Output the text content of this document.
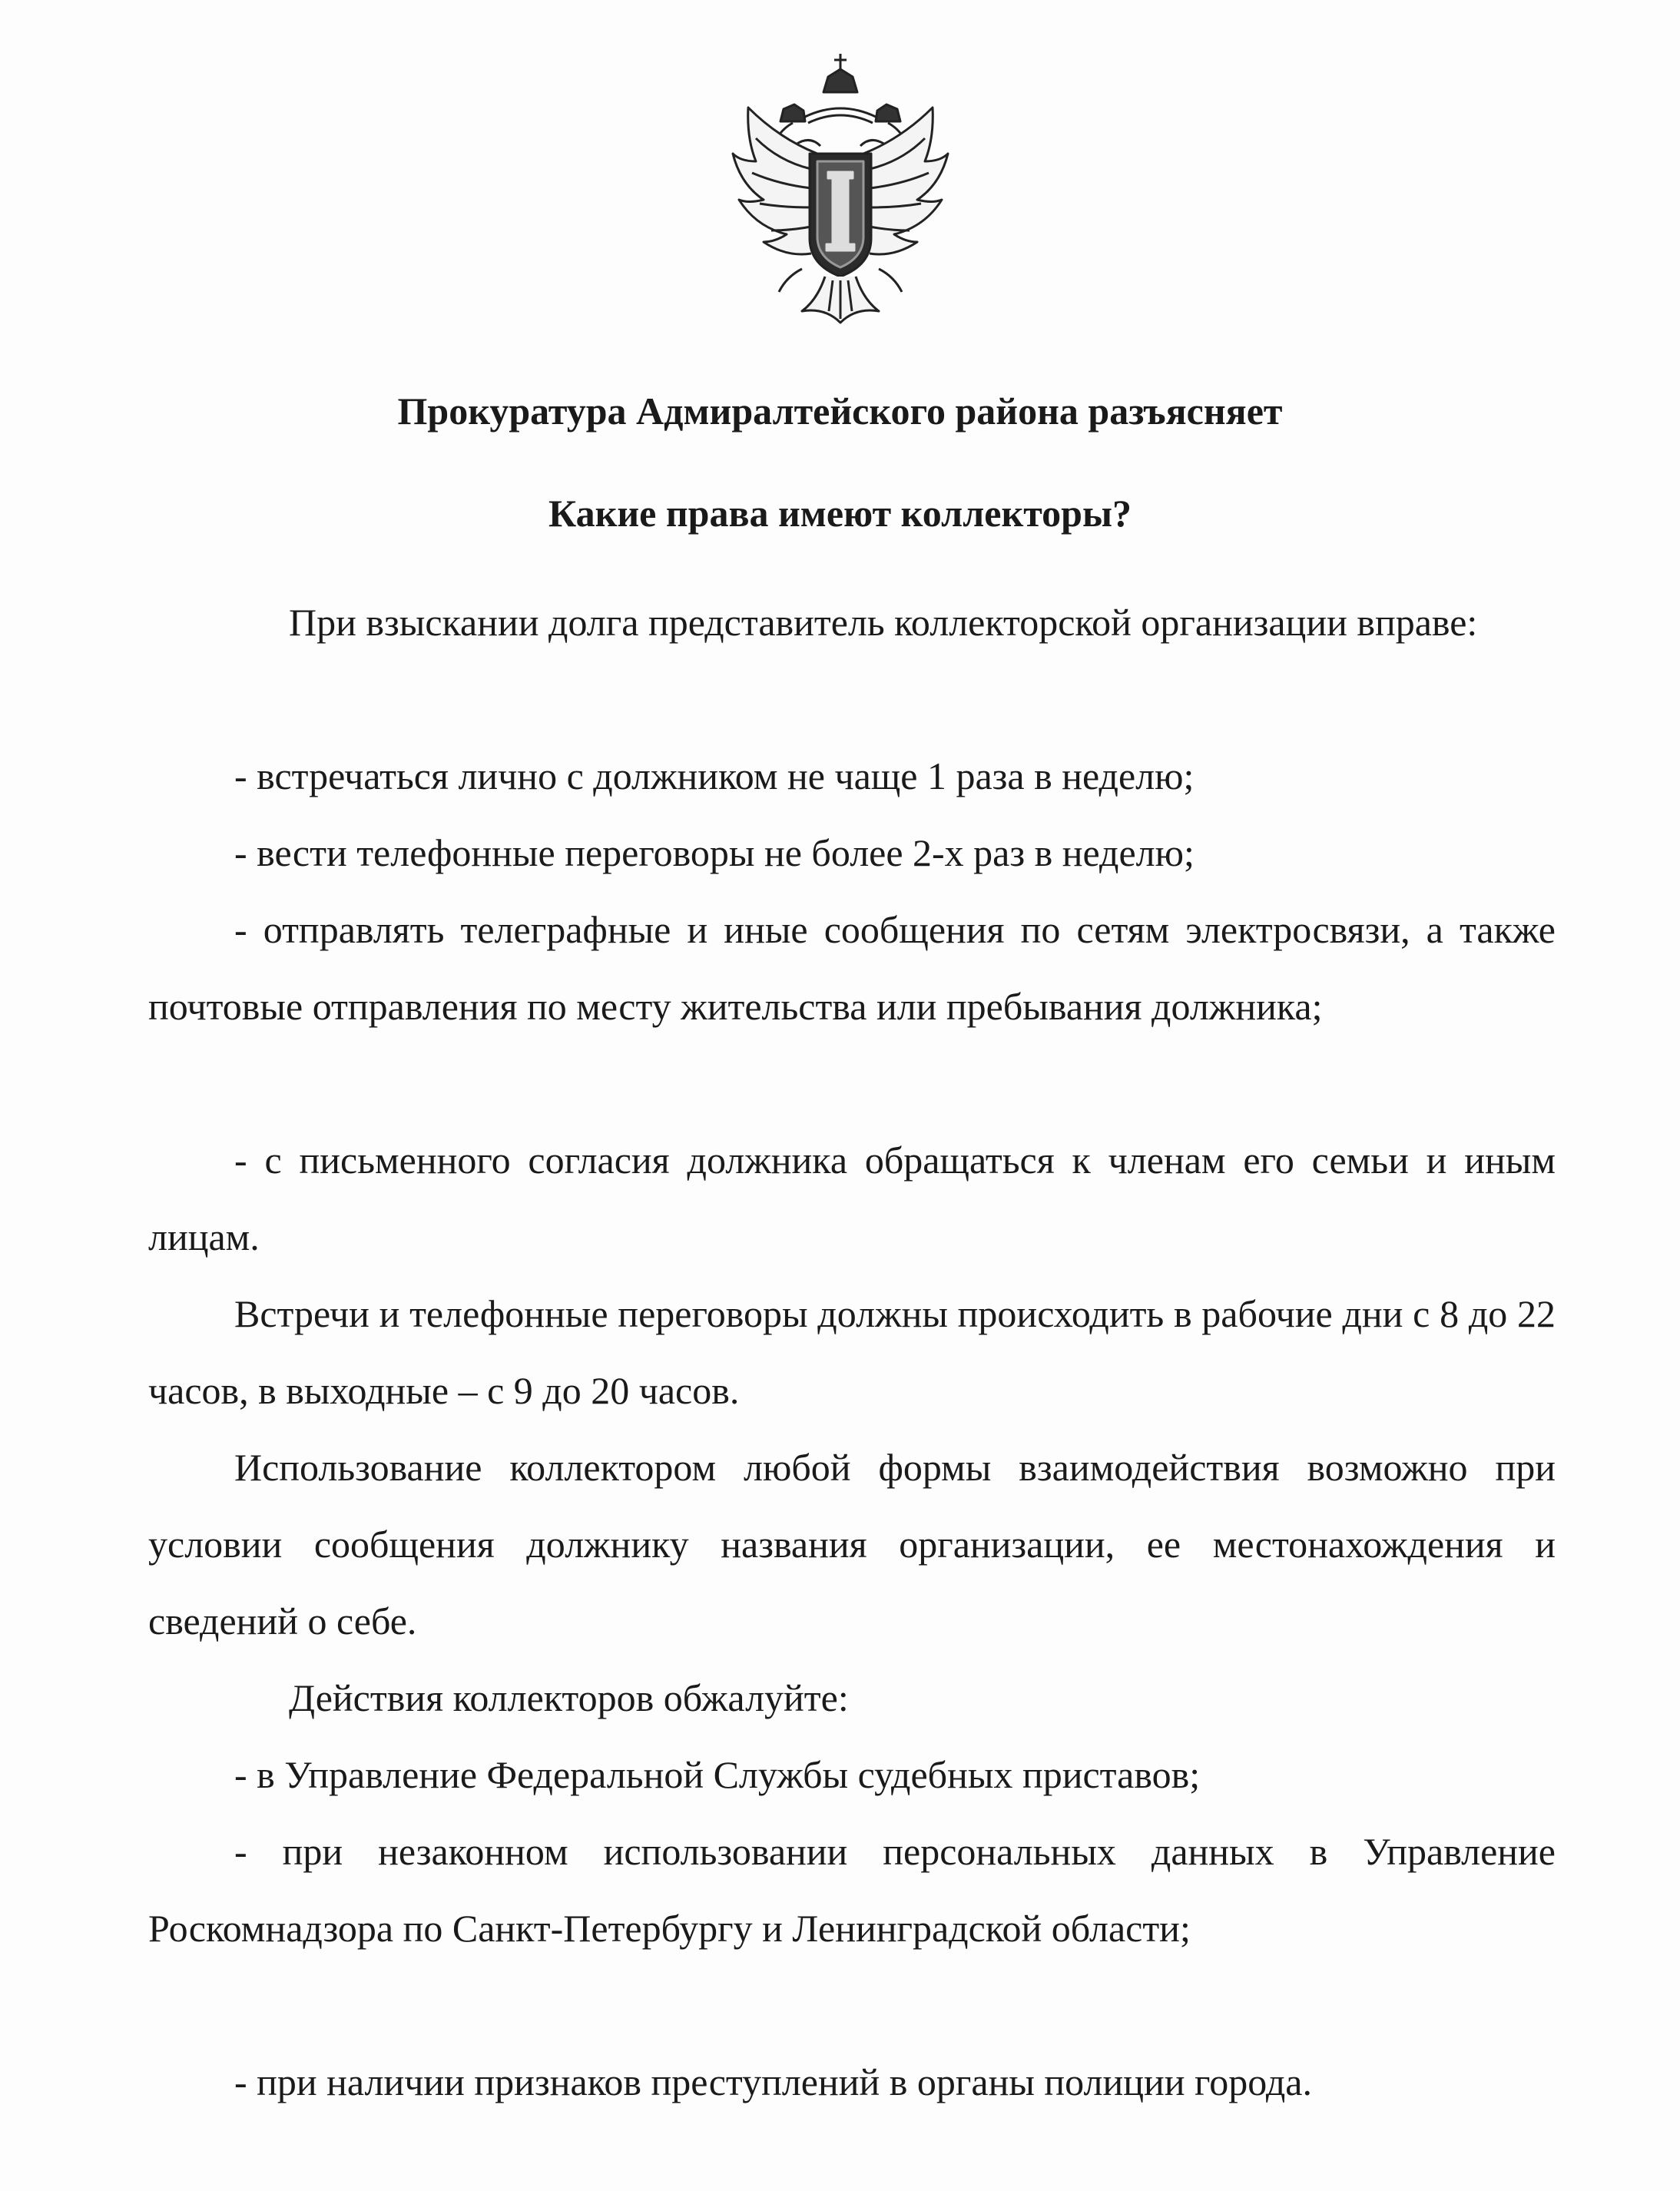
Прокуратура Адмиралтейского района разъясняет
Какие права имеют коллекторы?

При взыскании долга представитель коллекторской организации вправе:

- встречаться лично с должником не чаще 1 раза в неделю;

- вести телефонные переговоры не более 2-х раз в неделю;

- отправлять телеграфные и иные сообщения по сетям электросвязи, а также почтовые отправления по месту жительства или пребывания должника;

- с письменного согласия должника обращаться к членам его семьи и иным лицам.

Встречи и телефонные переговоры должны происходить в рабочие дни с 8 до 22 часов, в выходные – с 9 до 20 часов.

Использование коллектором любой формы взаимодействия возможно при условии сообщения должнику названия организации, ее местонахождения и сведений о себе.

Действия коллекторов обжалуйте:

- в Управление Федеральной Службы судебных приставов;

- при незаконном использовании персональных данных в Управление Роскомнадзора по Санкт-Петербургу и Ленинградской области;

- при наличии признаков преступлений в органы полиции города.
